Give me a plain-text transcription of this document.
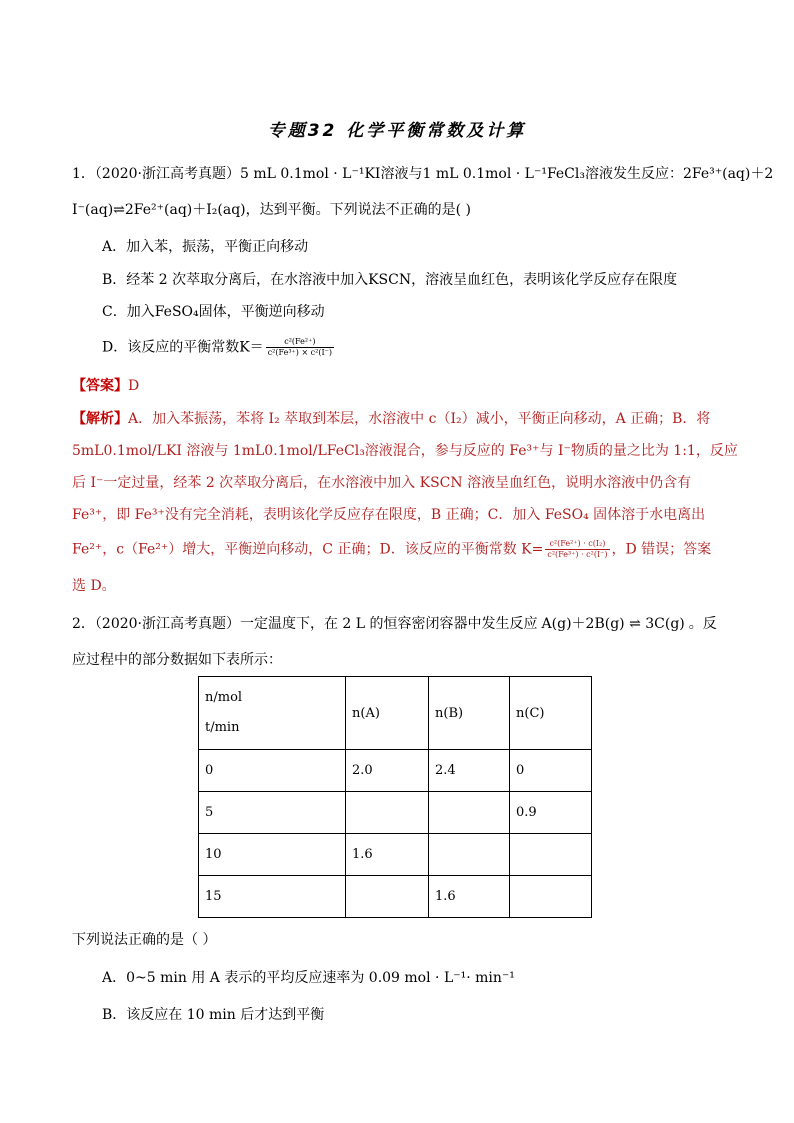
专题32 化学平衡常数及计算
1．（2020·浙江高考真题）5 mL 0.1mol · L⁻¹KI溶液与1 mL 0.1mol · L⁻¹FeCl₃溶液发生反应：2Fe³⁺(aq)＋2
I⁻(aq)⇌2Fe²⁺(aq)＋I₂(aq)，达到平衡。下列说法不正确的是( )
A．加入苯，振荡，平衡正向移动
B．经苯 2 次萃取分离后，在水溶液中加入KSCN，溶液呈血红色，表明该化学反应存在限度
C．加入FeSO₄固体，平衡逆向移动
D．该反应的平衡常数$K= \frac{\text{c²(Fe²⁺)}}{\text{c²(Fe³⁺) × c²(I⁻)}}$
【答案】D
【解析】A．加入苯振荡，苯将 I₂ 萃取到苯层，水溶液中 c（I₂）减小，平衡正向移动，A 正确；B．将
5mL0.1mol/LKI 溶液与 1mL0.1mol/LFeCl₃溶液混合，参与反应的 Fe³⁺与 I⁻物质的量之比为 1:1，反应
后 I⁻一定过量，经苯 2 次萃取分离后，在水溶液中加入 KSCN 溶液呈血红色，说明水溶液中仍含有
Fe³⁺，即 Fe³⁺没有完全消耗，表明该化学反应存在限度，B 正确；C．加入 FeSO₄ 固体溶于水电离出
Fe²⁺，c（Fe²⁺）增大，平衡逆向移动，C 正确；D．该反应的平衡常数 $K= \frac{\text{c²(Fe²⁺) · c(I₂)}}{\text{c²(Fe³⁺) · c²(I⁻)}}$ ，D 错误；答案
选 D。
2．（2020·浙江高考真题）一定温度下，在 2 L 的恒容密闭容器中发生反应 A(g)＋2B(g) ⇌ 3C(g) 。反
应过程中的部分数据如下表所示：
n/mol
t/min	n(A)	n(B)	n(C)
0	2.0	2.4	0
5			0.9
10	1.6		
15		1.6	
下列说法正确的是（ ）
A．0~5 min 用 A 表示的平均反应速率为 0.09 mol · L⁻¹· min⁻¹
B．该反应在 10 min 后才达到平衡
